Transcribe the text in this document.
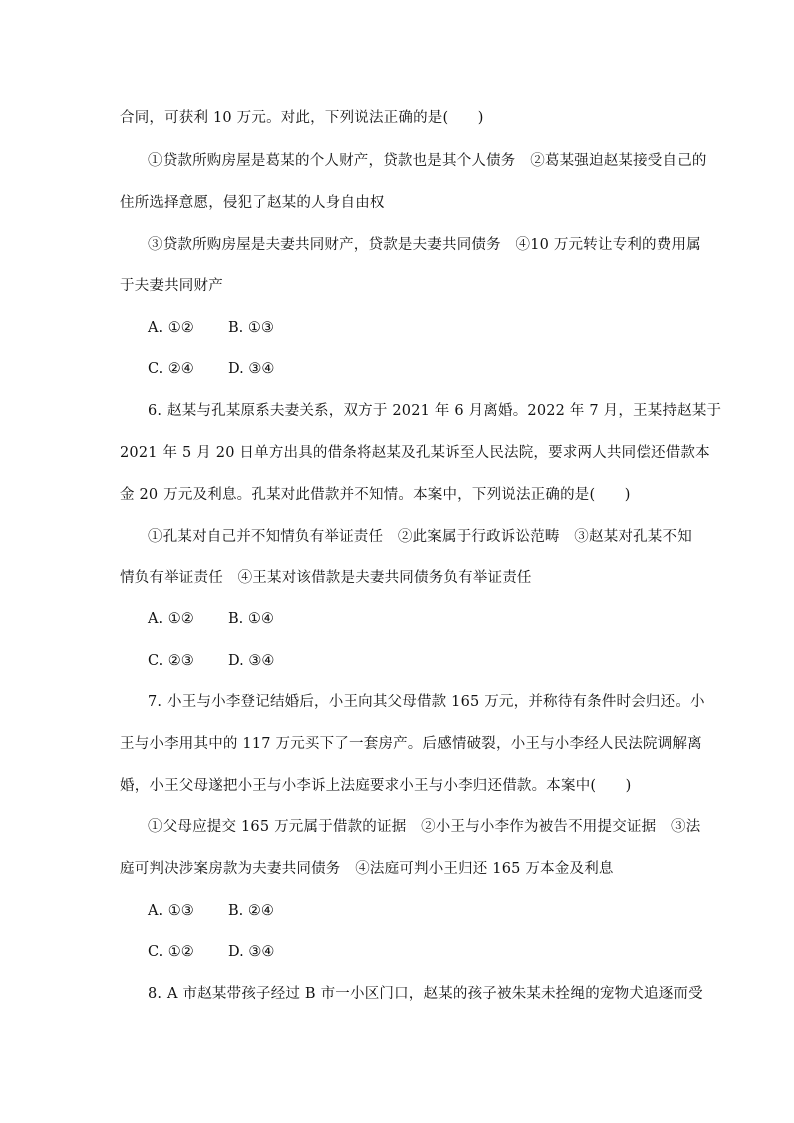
合同，可获利 10 万元。对此，下列说法正确的是(　　)
①贷款所购房屋是葛某的个人财产，贷款也是其个人债务　②葛某强迫赵某接受自己的
住所选择意愿，侵犯了赵某的人身自由权
③贷款所购房屋是夫妻共同财产，贷款是夫妻共同债务　④10 万元转让专利的费用属
于夫妻共同财产
A. ①② B. ①③
C. ②④ D. ③④
6. 赵某与孔某原系夫妻关系，双方于 2021 年 6 月离婚。2022 年 7 月，王某持赵某于
2021 年 5 月 20 日单方出具的借条将赵某及孔某诉至人民法院，要求两人共同偿还借款本
金 20 万元及利息。孔某对此借款并不知情。本案中，下列说法正确的是(　　)
①孔某对自己并不知情负有举证责任　②此案属于行政诉讼范畴　③赵某对孔某不知
情负有举证责任　④王某对该借款是夫妻共同债务负有举证责任
A. ①② B. ①④
C. ②③ D. ③④
7. 小王与小李登记结婚后，小王向其父母借款 165 万元，并称待有条件时会归还。小
王与小李用其中的 117 万元买下了一套房产。后感情破裂，小王与小李经人民法院调解离
婚，小王父母遂把小王与小李诉上法庭要求小王与小李归还借款。本案中(　　)
①父母应提交 165 万元属于借款的证据　②小王与小李作为被告不用提交证据　③法
庭可判决涉案房款为夫妻共同债务　④法庭可判小王归还 165 万本金及利息
A. ①③ B. ②④
C. ①② D. ③④
8. A 市赵某带孩子经过 B 市一小区门口，赵某的孩子被朱某未拴绳的宠物犬追逐而受
